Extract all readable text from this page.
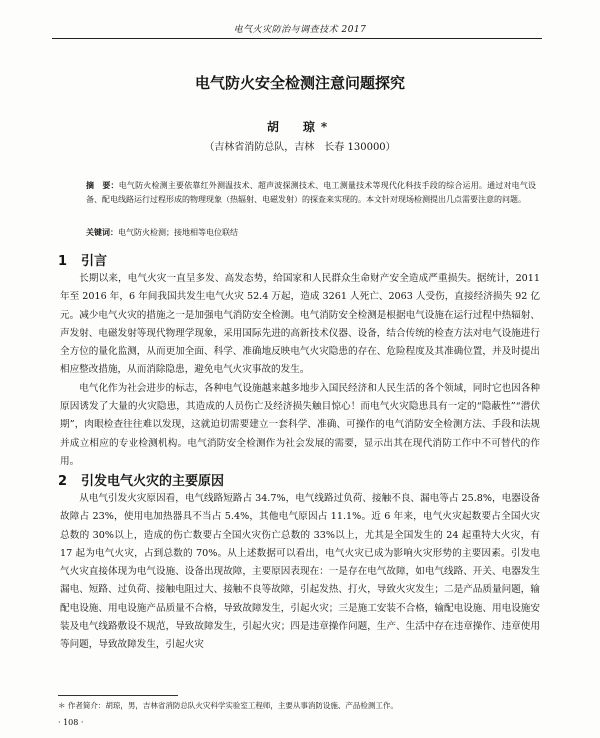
电气火灾防治与调查技术 2017
电气防火安全检测注意问题探究
胡　琼*
（吉林省消防总队，吉林　长春 130000）
摘　要：电气防火检测主要依靠红外测温技术、超声波探测技术、电工测量技术等现代化科技手段的综合运用。通过对电气设备、配电线路运行过程形成的物理现象（热辐射、电磁发射）的探查来实现的。本文针对现场检测提出几点需要注意的问题。
关键词：电气防火检测；接地相等电位联结
1 引言

长期以来，电气火灾一直呈多发、高发态势，给国家和人民群众生命财产安全造成严重损失。据统计，2011 年至 2016 年，6 年间我国共发生电气火灾 52.4 万起，造成 3261 人死亡、2063 人受伤，直接经济损失 92 亿元。减少电气火灾的措施之一是加强电气消防安全检测。电气消防安全检测是根据电气设施在运行过程中热辐射、声发射、电磁发射等现代物理学现象，采用国际先进的高新技术仪器、设备，结合传统的检查方法对电气设施进行全方位的量化监测，从而更加全面、科学、准确地反映电气火灾隐患的存在、危险程度及其准确位置，并及时提出相应整改措施，从而消除隐患，避免电气火灾事故的发生。

电气化作为社会进步的标志，各种电气设施越来越多地步入国民经济和人民生活的各个领域，同时它也因各种原因诱发了大量的火灾隐患，其造成的人员伤亡及经济损失触目惊心！而电气火灾隐患具有一定的“隐蔽性”“潜伏期”，肉眼检查往往难以发现，这就迫切需要建立一套科学、准确、可操作的电气消防安全检测方法、手段和法规并成立相应的专业检测机构。电气消防安全检测作为社会发展的需要，显示出其在现代消防工作中不可替代的作用。

2 引发电气火灾的主要原因

从电气引发火灾原因看，电气线路短路占 34.7%，电气线路过负荷、接触不良、漏电等占 25.8%，电器设备故障占 23%，使用电加热器具不当占 5.4%，其他电气原因占 11.1%。近 6 年来，电气火灾起数要占全国火灾总数的 30%以上，造成的伤亡数要占全国火灾伤亡总数的 33%以上，尤其是全国发生的 24 起重特大火灾，有 17 起为电气火灾，占到总数的 70%。从上述数据可以看出，电气火灾已成为影响火灾形势的主要因素。引发电气火灾直接体现为电气设施、设备出现故障，主要原因表现在：一是存在电气故障，如电气线路、开关、电器发生漏电、短路、过负荷、接触电阻过大、接触不良等故障，引起发热、打火，导致火灾发生；二是产品质量问题，输配电设施、用电设施产品质量不合格，导致故障发生，引起火灾；三是施工安装不合格，输配电设施、用电设施安装及电气线路敷设不规范，导致故障发生，引起火灾；四是违章操作问题，生产、生活中存在违章操作、违章使用等问题，导致故障发生，引起火灾

＊ 作者简介：胡琼，男，吉林省消防总队火灾科学实验室工程师，主要从事消防设施、产品检测工作。
· 108 ·
